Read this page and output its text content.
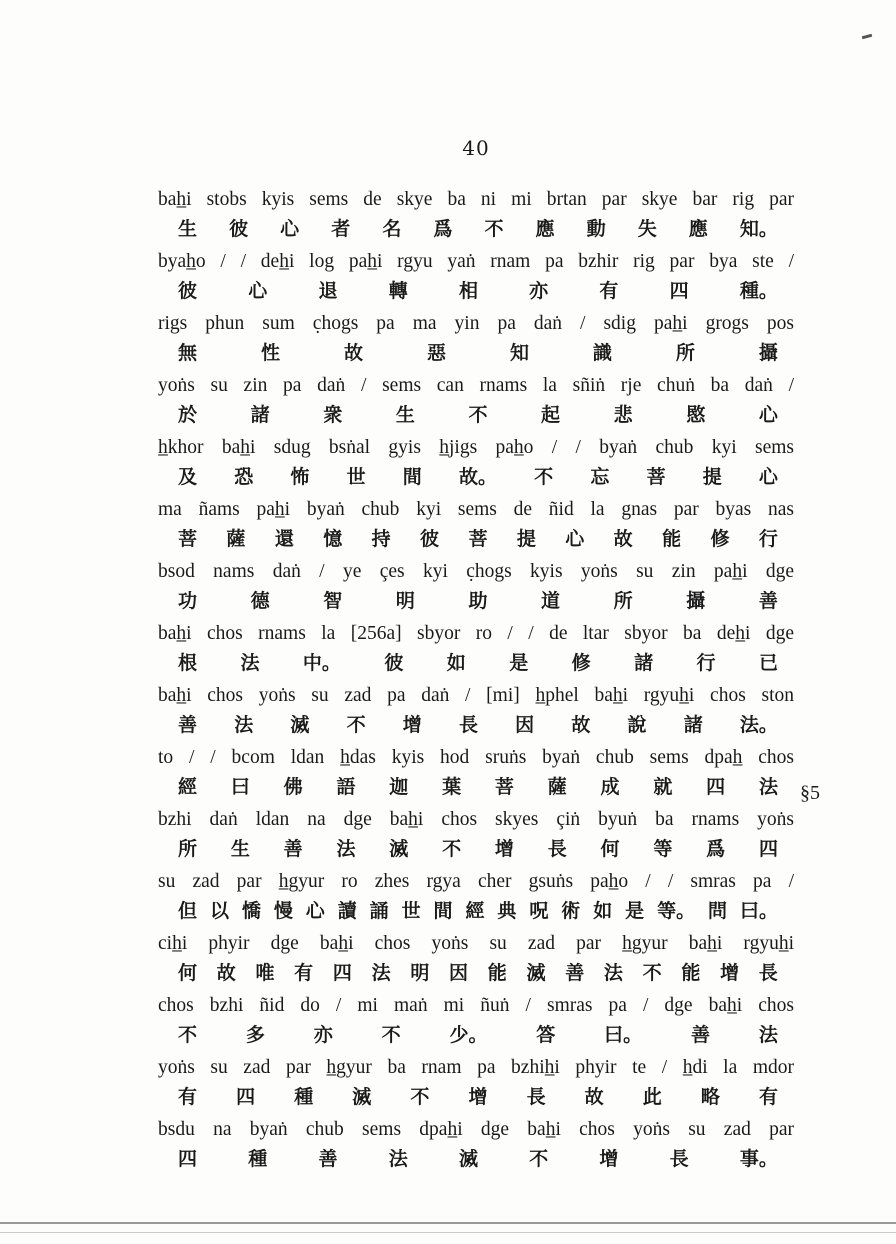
40
bah̲i stobs kyis sems de skye ba ni mi brtan par skye bar rig par
生 彼 心 者 名 爲 不 應 動 失 應 知。
byah̲o / / deh̲i log pah̲i rgyu yaṅ rnam pa bzhir rig par bya ste /
彼	心	退	轉	相	亦	有	四	種。
rigs phun sum c̣hogs pa ma yin pa daṅ / sdig pah̲i grogs pos
無	性	故	惡	知	識	所	攝
yoṅs su zin pa daṅ / sems can rnams la sñiṅ rje chuṅ ba daṅ /
於	諸	衆	生	不	起	悲	愍	心
h̲khor bah̲i sdug bsṅal gyis h̲jigs pah̲o / / byaṅ chub kyi sems
及 恐 怖 世 間 故。 不 忘 菩 提 心
ma ñams pah̲i byaṅ chub kyi sems de ñid la gnas par byas nas
菩 薩 還 憶 持 彼 菩 提 心 故 能 修 行
bsod nams daṅ / ye çes kyi c̣hogs kyis yoṅs su zin pah̲i dge
功	德	智	明	助	道	所	攝	善
bah̲i chos rnams la [256a] sbyor ro / / de ltar sbyor ba deh̲i dge
根 法 中。 彼 如 是 修 諸 行 已
bah̲i chos yoṅs su zad pa daṅ / [mi] h̲phel bah̲i rgyuh̲i chos ston
善 法 滅 不 增 長 因 故 說 諸 法。
to / / bcom ldan h̲das kyis hod sruṅs byaṅ chub sems dpah̲ chos
經 曰 佛 語 迦 葉 菩 薩 成 就 四 法
bzhi daṅ ldan na dge bah̲i chos skyes çiṅ byuṅ ba rnams yoṅs
所 生 善 法 滅 不 增 長 何 等 爲 四
su zad par h̲gyur ro zhes rgya cher gsuṅs pah̲o / / smras pa /
但 以 憍 慢 心 讀 誦 世 間 經 典 呪 術 如 是 等。 問 曰。
cih̲i phyir dge bah̲i chos yoṅs su zad par h̲gyur bah̲i rgyuh̲i
何 故 唯 有 四 法 明 因 能 滅 善 法 不 能 增 長
chos bzhi ñid do / mi maṅ mi ñuṅ / smras pa / dge bah̲i chos
不	多	亦	不	少。	答	曰。	善	法
yoṅs su zad par h̲gyur ba rnam pa bzhih̲i phyir te / h̲di la mdor
有 四 種 滅 不 增 長 故 此 略 有
bsdu na byaṅ chub sems dpah̲i dge bah̲i chos yoṅs su zad par
四	種	善	法	滅	不	增	長	事。
§5
